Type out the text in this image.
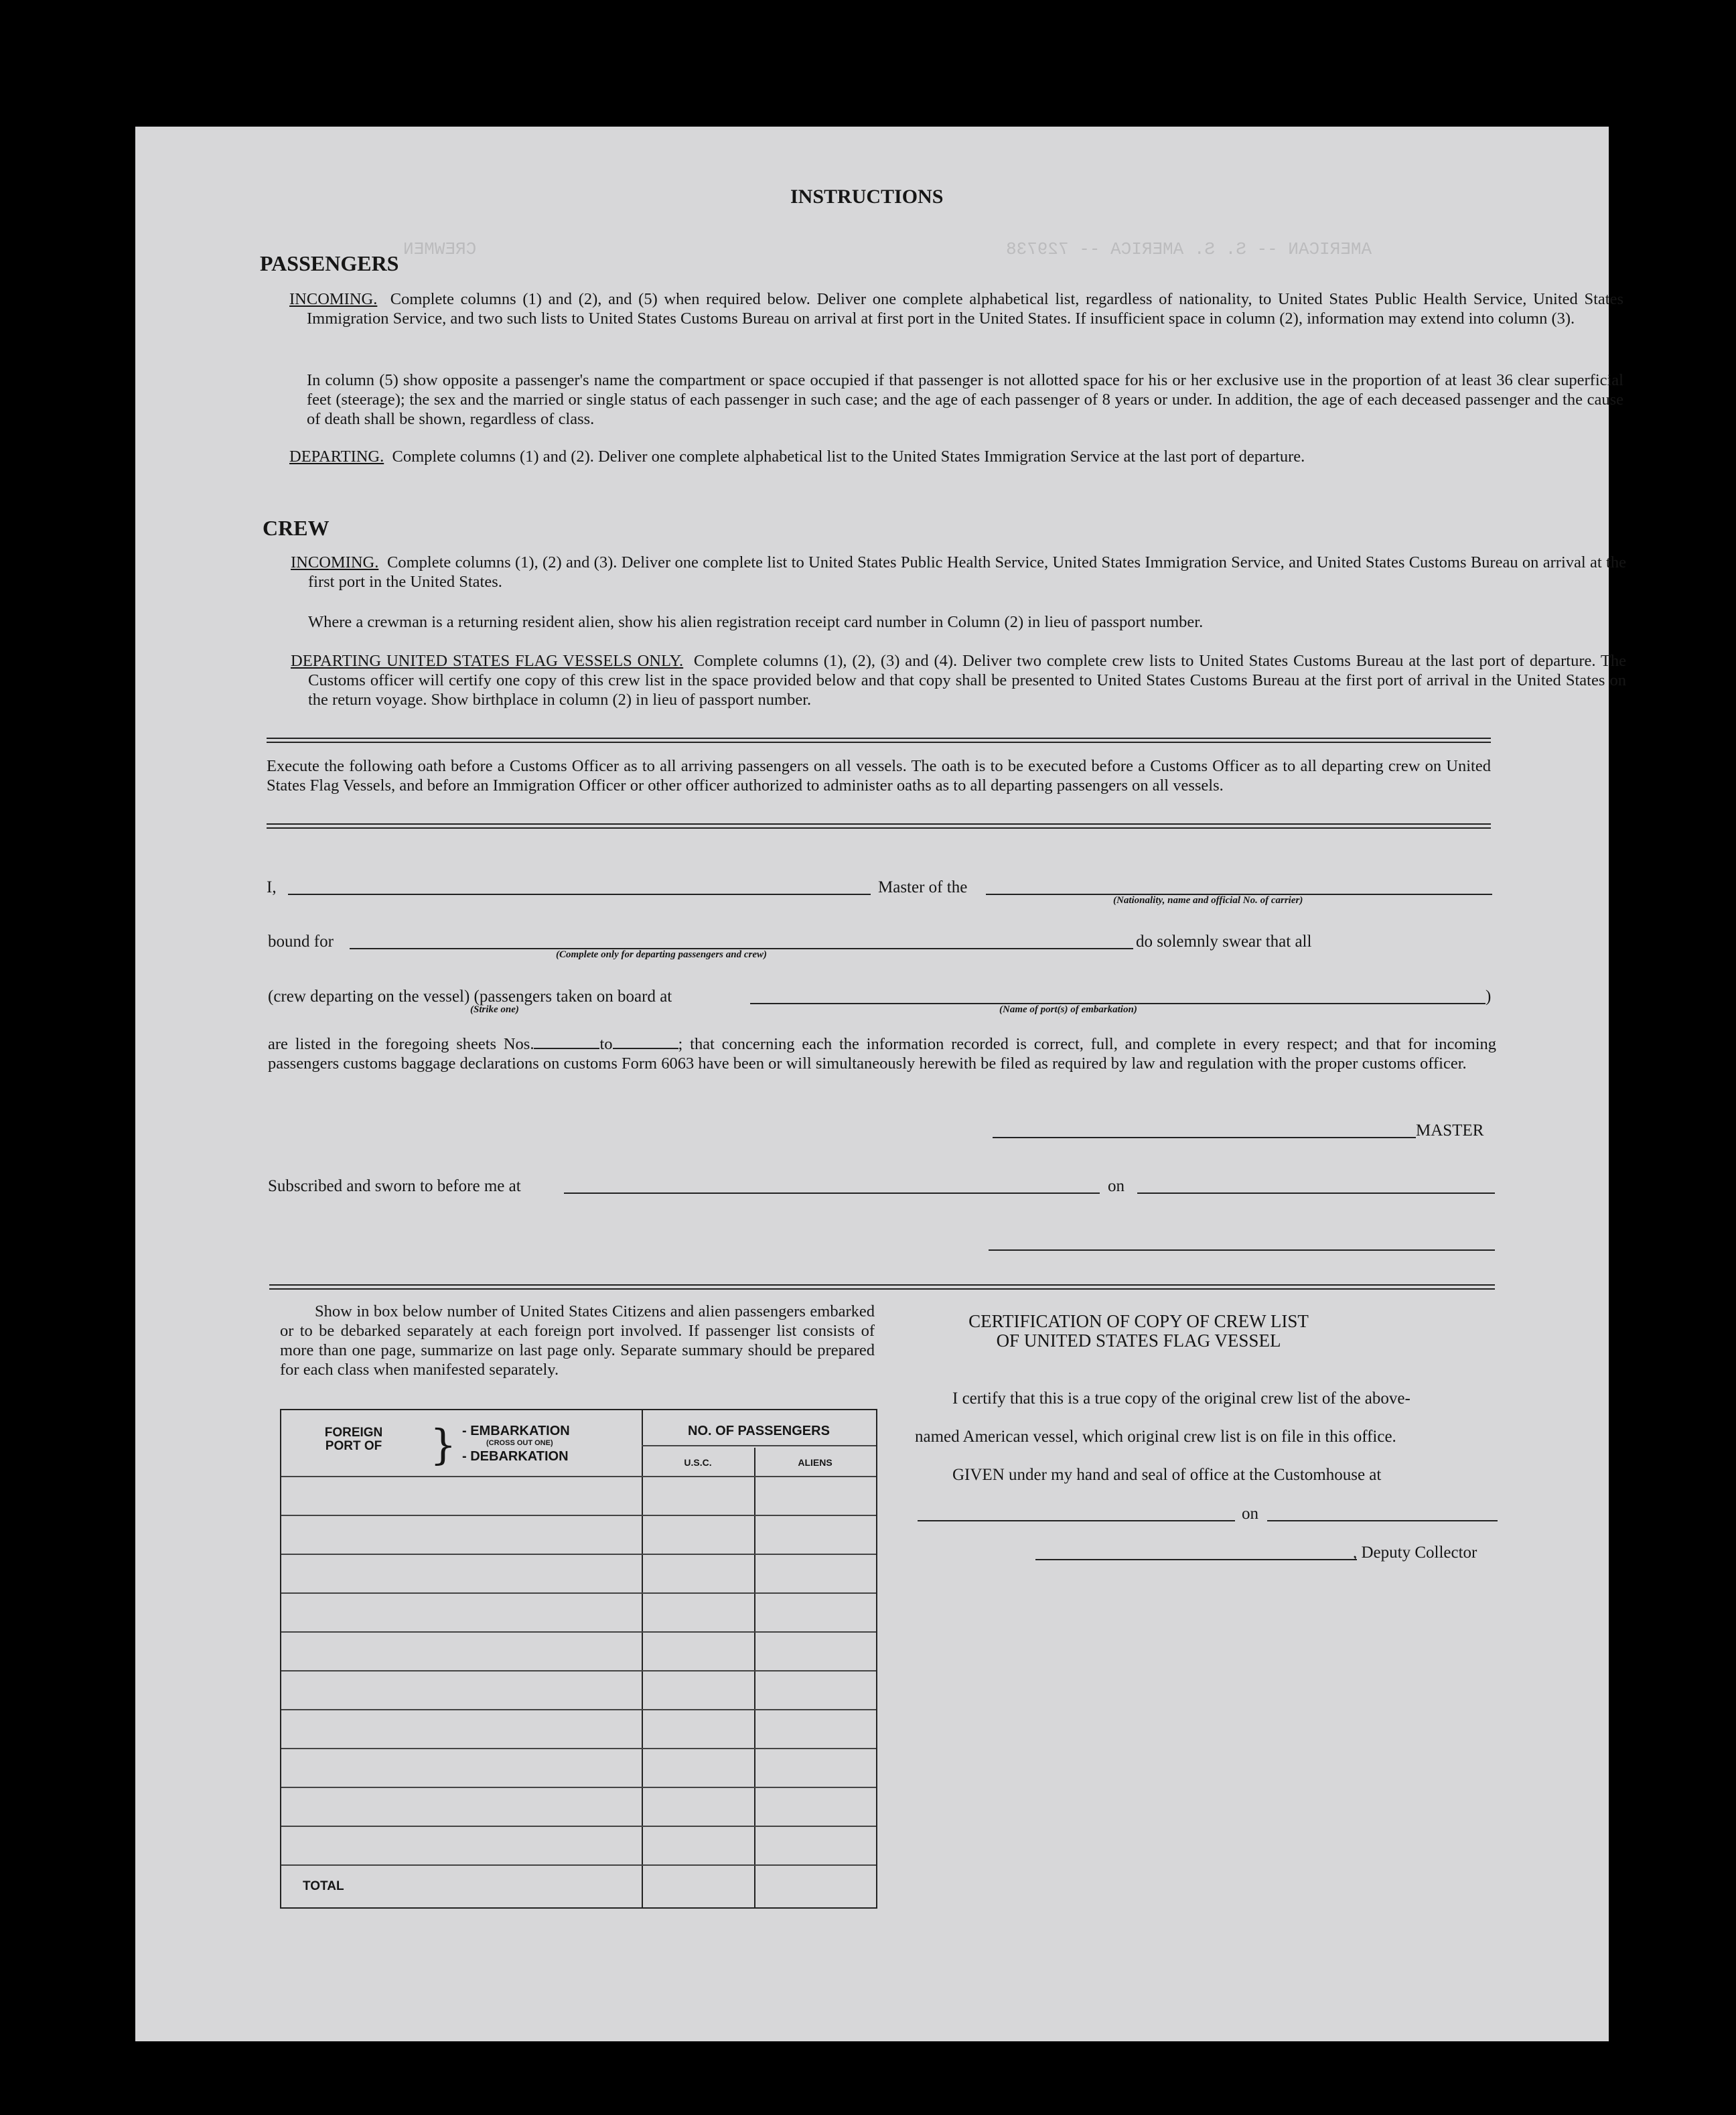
AMERICAN -- S. S. AMERICA -- 729738
CREWMEN
INSTRUCTIONS
PASSENGERS
INCOMING. Complete columns (1) and (2), and (5) when required below. Deliver one complete alphabetical list, regardless of nationality, to United States Public Health Service, United States Immigration Service, and two such lists to United States Customs Bureau on arrival at first port in the United States. If insufficient space in column (2), information may extend into column (3).
In column (5) show opposite a passenger's name the compartment or space occupied if that passenger is not allotted space for his or her exclusive use in the proportion of at least 36 clear superficial feet (steerage); the sex and the married or single status of each passenger in such case; and the age of each passenger of 8 years or under. In addition, the age of each deceased passenger and the cause of death shall be shown, regardless of class.
DEPARTING. Complete columns (1) and (2). Deliver one complete alphabetical list to the United States Immigration Service at the last port of departure.
CREW
INCOMING. Complete columns (1), (2) and (3). Deliver one complete list to United States Public Health Service, United States Immigration Service, and United States Customs Bureau on arrival at the first port in the United States.
Where a crewman is a returning resident alien, show his alien registration receipt card number in Column (2) in lieu of passport number.
DEPARTING UNITED STATES FLAG VESSELS ONLY. Complete columns (1), (2), (3) and (4). Deliver two complete crew lists to United States Customs Bureau at the last port of departure. The Customs officer will certify one copy of this crew list in the space provided below and that copy shall be presented to United States Customs Bureau at the first port of arrival in the United States on the return voyage. Show birthplace in column (2) in lieu of passport number.
Execute the following oath before a Customs Officer as to all arriving passengers on all vessels. The oath is to be executed before a Customs Officer as to all departing crew on United States Flag Vessels, and before an Immigration Officer or other officer authorized to administer oaths as to all departing passengers on all vessels.
I,	Master of the
(Nationality, name and official No. of carrier)
bound for
(Complete only for departing passengers and crew)
do solemnly swear that all
(crew departing on the vessel) (passengers taken on board at
(Strike one)	(Name of port(s) of embarkation)
)
are listed in the foregoing sheets Nos.	to	; that concerning each the information recorded is correct, full, and complete in every respect; and that for incoming passengers customs baggage declarations on customs Form 6063 have been or will simultaneously herewith be filed as required by law and regulation with the proper customs officer.
MASTER
Subscribed and sworn to before me at	on
Show in box below number of United States Citizens and alien passengers embarked or to be debarked separately at each foreign port involved. If passenger list consists of more than one page, summarize on last page only. Separate summary should be prepared for each class when manifested separately.
FOREIGN PORT OF } - EMBARKATION
(CROSS OUT ONE)
- DEBARKATION
NO. OF PASSENGERS
U.S.C.	ALIENS
TOTAL
CERTIFICATION OF COPY OF CREW LIST
OF UNITED STATES FLAG VESSEL
I certify that this is a true copy of the original crew list of the above-
named American vessel, which original crew list is on file in this office.
GIVEN under my hand and seal of office at the Customhouse at
on
, Deputy Collector
